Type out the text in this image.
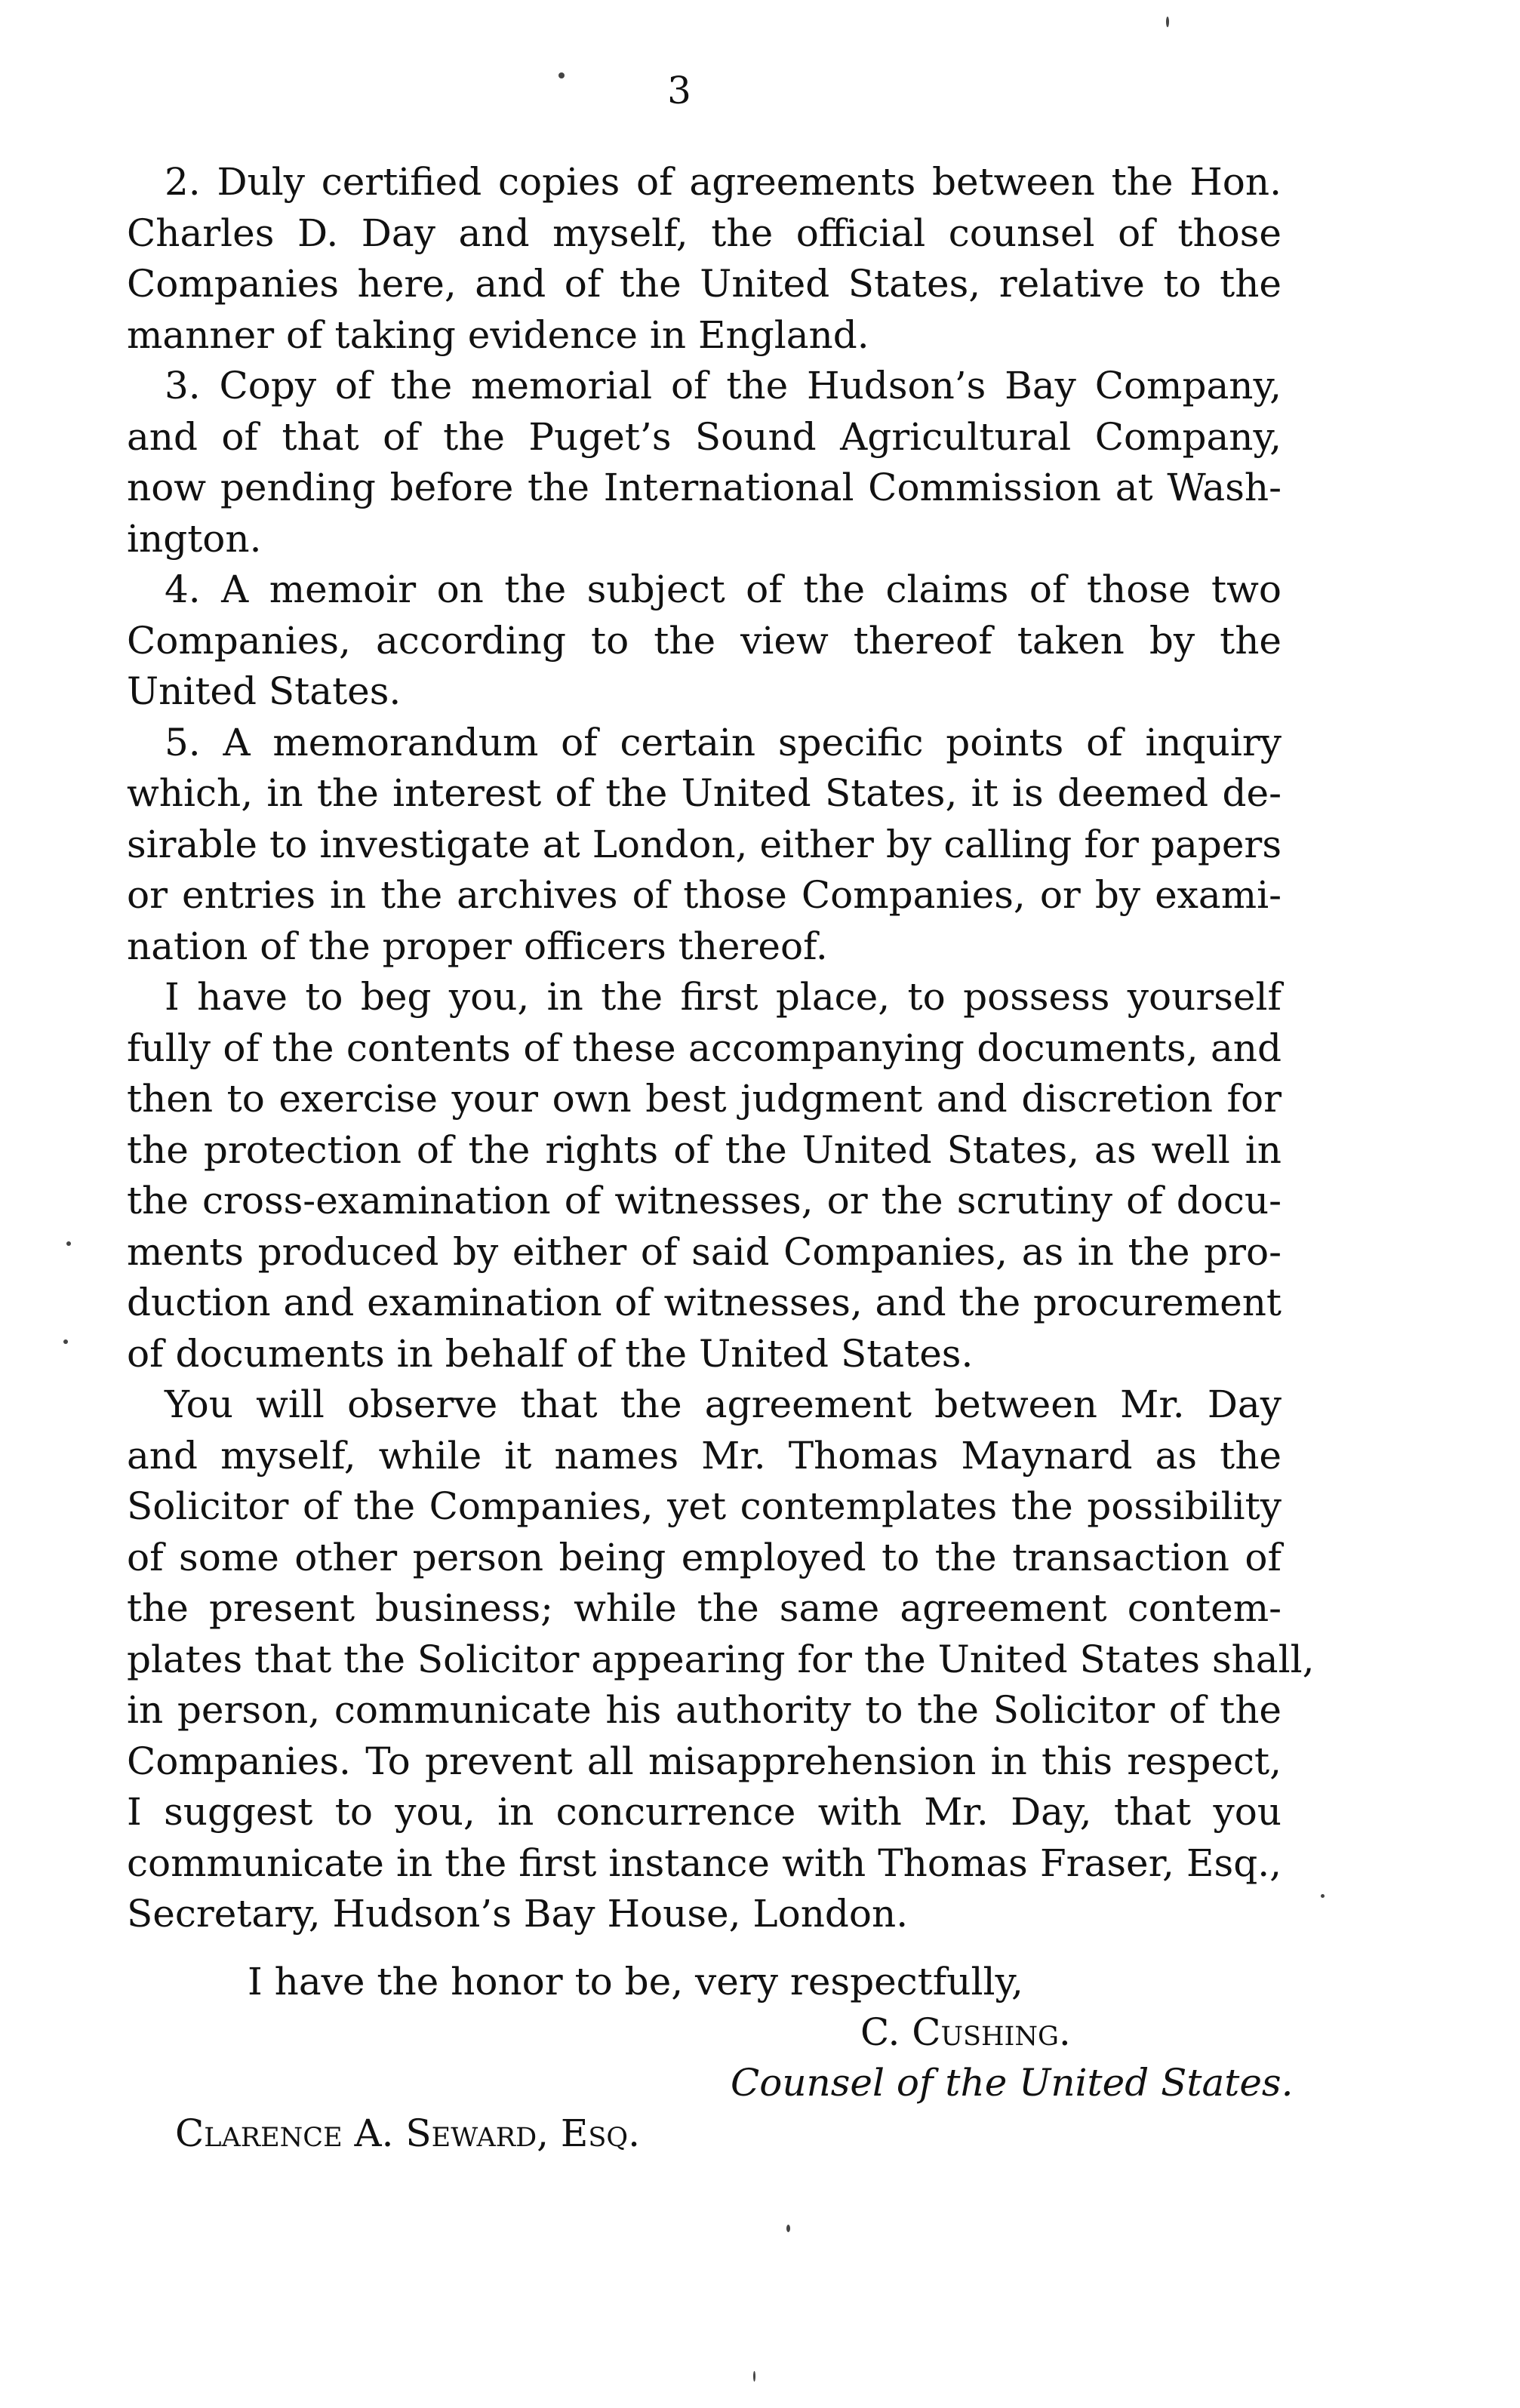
3
2. Duly certified copies of agreements between the Hon.
Charles D. Day and myself, the official counsel of those
Companies here, and of the United States, relative to the
manner of taking evidence in England.
3. Copy of the memorial of the Hudson’s Bay Company,
and of that of the Puget’s Sound Agricultural Company,
now pending before the International Commission at Wash-
ington.
4. A memoir on the subject of the claims of those two
Companies, according to the view thereof taken by the
United States.
5. A memorandum of certain specific points of inquiry
which, in the interest of the United States, it is deemed de-
sirable to investigate at London, either by calling for papers
or entries in the archives of those Companies, or by exami-
nation of the proper officers thereof.
I have to beg you, in the first place, to possess yourself
fully of the contents of these accompanying documents, and
then to exercise your own best judgment and discretion for
the protection of the rights of the United States, as well in
the cross-examination of witnesses, or the scrutiny of docu-
ments produced by either of said Companies, as in the pro-
duction and examination of witnesses, and the procurement
of documents in behalf of the United States.
You will observe that the agreement between Mr. Day
and myself, while it names Mr. Thomas Maynard as the
Solicitor of the Companies, yet contemplates the possibility
of some other person being employed to the transaction of
the present business; while the same agreement contem-
plates that the Solicitor appearing for the United States shall,
in person, communicate his authority to the Solicitor of the
Companies. To prevent all misapprehension in this respect,
I suggest to you, in concurrence with Mr. Day, that you
communicate in the first instance with Thomas Fraser, Esq.,
Secretary, Hudson’s Bay House, London.
I have the honor to be, very respectfully,
C. Cushing.
Counsel of the United States.
Clarence A. Seward, Esq.
